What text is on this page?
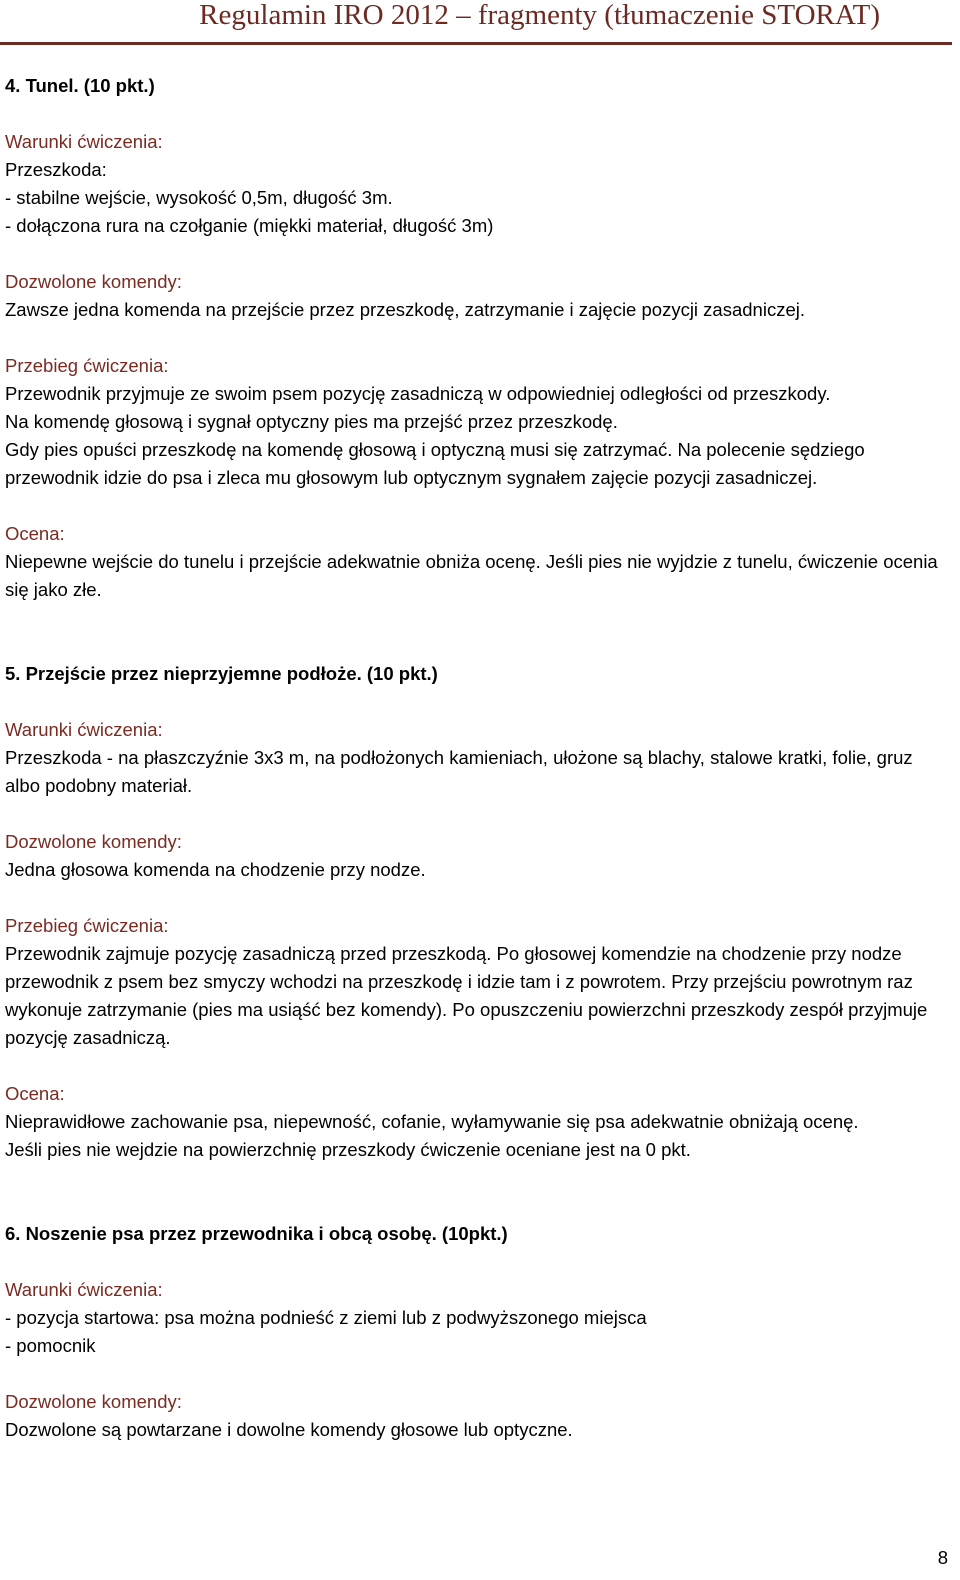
Regulamin IRO 2012 – fragmenty (tłumaczenie STORAT)
4. Tunel. (10 pkt.)
Warunki ćwiczenia:
Przeszkoda:
- stabilne wejście, wysokość 0,5m, długość 3m.
- dołączona rura na czołganie (miękki materiał, długość 3m)
Dozwolone komendy:
Zawsze jedna komenda na przejście przez przeszkodę, zatrzymanie i zajęcie pozycji zasadniczej.
Przebieg ćwiczenia:
Przewodnik przyjmuje ze swoim psem pozycję zasadniczą w odpowiedniej odległości od przeszkody.
Na komendę głosową i sygnał optyczny pies ma przejść przez przeszkodę.
Gdy pies opuści przeszkodę na komendę głosową i optyczną musi się zatrzymać. Na polecenie sędziego przewodnik idzie do psa i zleca mu głosowym lub optycznym sygnałem zajęcie pozycji zasadniczej.
Ocena:
Niepewne wejście do tunelu i przejście adekwatnie obniża ocenę. Jeśli pies nie wyjdzie z tunelu, ćwiczenie ocenia się jako złe.
5. Przejście przez nieprzyjemne podłoże. (10 pkt.)
Warunki ćwiczenia:
Przeszkoda - na płaszczyźnie 3x3 m, na podłożonych kamieniach, ułożone są blachy, stalowe kratki, folie, gruz albo podobny materiał.
Dozwolone komendy:
Jedna głosowa komenda na chodzenie przy nodze.
Przebieg ćwiczenia:
Przewodnik zajmuje pozycję zasadniczą przed przeszkodą. Po głosowej komendzie na chodzenie przy nodze przewodnik z psem bez smyczy wchodzi na przeszkodę i idzie tam i z powrotem. Przy przejściu powrotnym raz wykonuje zatrzymanie (pies ma usiąść bez komendy). Po opuszczeniu powierzchni przeszkody zespół przyjmuje pozycję zasadniczą.
Ocena:
Nieprawidłowe zachowanie psa, niepewność, cofanie, wyłamywanie się psa adekwatnie obniżają ocenę.
Jeśli pies nie wejdzie na powierzchnię przeszkody ćwiczenie oceniane jest na 0 pkt.
6. Noszenie psa przez przewodnika i obcą osobę. (10pkt.)
Warunki ćwiczenia:
- pozycja startowa: psa można podnieść z ziemi lub z podwyższonego miejsca
- pomocnik
Dozwolone komendy:
Dozwolone są powtarzane i dowolne komendy głosowe lub optyczne.
8
